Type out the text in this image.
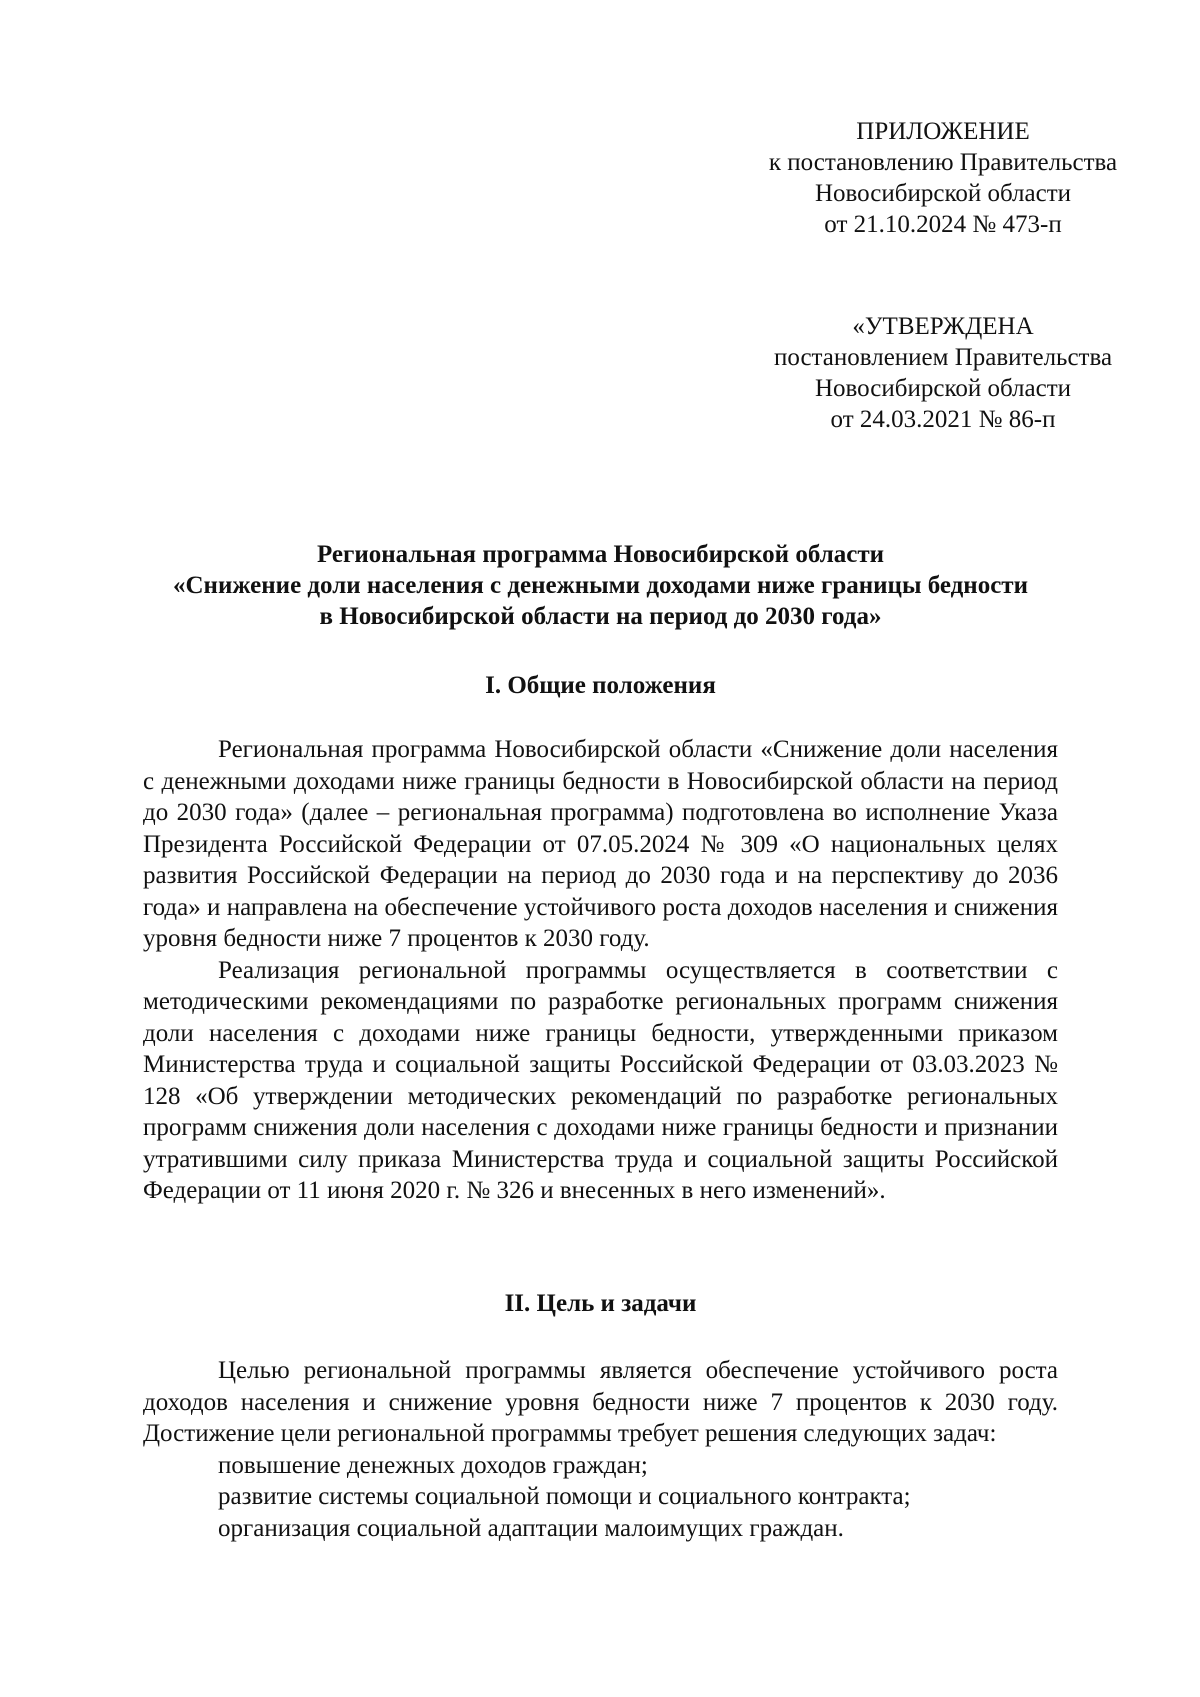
ПРИЛОЖЕНИЕ
к постановлению Правительства
Новосибирской области
от 21.10.2024 № 473-п
«УТВЕРЖДЕНА
постановлением Правительства
Новосибирской области
от 24.03.2021 № 86-п
Региональная программа Новосибирской области
«Снижение доли населения с денежными доходами ниже границы бедности
в Новосибирской области на период до 2030 года»
I. Общие положения

Региональная программа Новосибирской области «Снижение доли населения с денежными доходами ниже границы бедности в Новосибирской области на период до 2030 года» (далее – региональная программа) подготовлена во исполнение Указа Президента Российской Федерации от 07.05.2024 № 309 «О национальных целях развития Российской Федерации на период до 2030 года и на перспективу до 2036 года» и направлена на обеспечение устойчивого роста доходов населения и снижения уровня бедности ниже 7 процентов к 2030 году.

Реализация региональной программы осуществляется в соответствии с методическими рекомендациями по разработке региональных программ снижения доли населения с доходами ниже границы бедности, утвержденными приказом Министерства труда и социальной защиты Российской Федерации от 03.03.2023 № 128 «Об утверждении методических рекомендаций по разработке региональных программ снижения доли населения с доходами ниже границы бедности и признании утратившими силу приказа Министерства труда и социальной защиты Российской Федерации от 11 июня 2020 г. № 326 и внесенных в него изменений».

II. Цель и задачи

Целью региональной программы является обеспечение устойчивого роста доходов населения и снижение уровня бедности ниже 7 процентов к 2030 году. Достижение цели региональной программы требует решения следующих задач:

повышение денежных доходов граждан;

развитие системы социальной помощи и социального контракта;

организация социальной адаптации малоимущих граждан.
